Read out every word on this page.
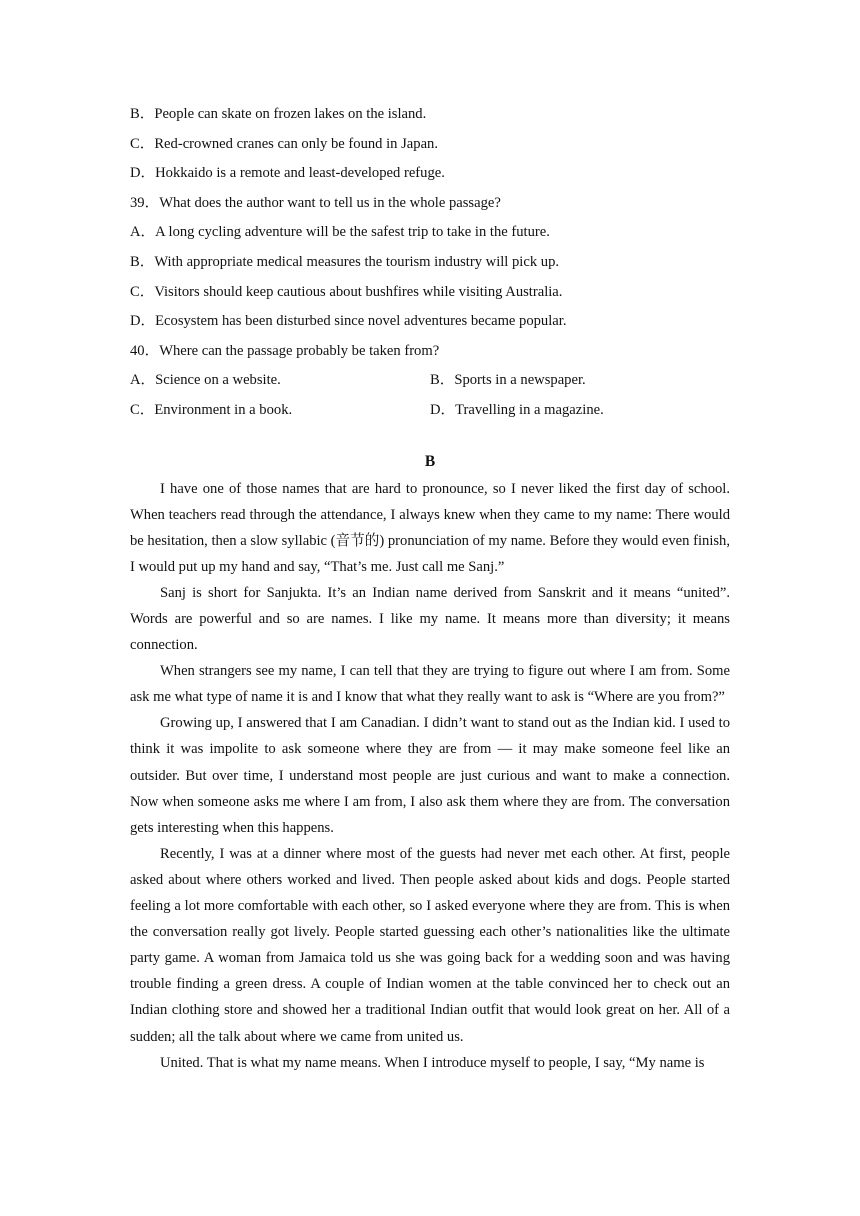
B．People can skate on frozen lakes on the island.
C．Red-crowned cranes can only be found in Japan.
D．Hokkaido is a remote and least-developed refuge.
39．What does the author want to tell us in the whole passage?
A．A long cycling adventure will be the safest trip to take in the future.
B．With appropriate medical measures the tourism industry will pick up.
C．Visitors should keep cautious about bushfires while visiting Australia.
D．Ecosystem has been disturbed since novel adventures became popular.
40．Where can the passage probably be taken from?
A．Science on a website.	B．Sports in a newspaper.
C．Environment in a book.	D．Travelling in a magazine.
B

I have one of those names that are hard to pronounce, so I never liked the first day of school. When teachers read through the attendance, I always knew when they came to my name: There would be hesitation, then a slow syllabic (音节的) pronunciation of my name. Before they would even finish, I would put up my hand and say, “That’s me. Just call me Sanj.”

Sanj is short for Sanjukta. It’s an Indian name derived from Sanskrit and it means “united”. Words are powerful and so are names. I like my name. It means more than diversity; it means connection.

When strangers see my name, I can tell that they are trying to figure out where I am from. Some ask me what type of name it is and I know that what they really want to ask is “Where are you from?”

Growing up, I answered that I am Canadian. I didn’t want to stand out as the Indian kid. I used to think it was impolite to ask someone where they are from — it may make someone feel like an outsider. But over time, I understand most people are just curious and want to make a connection. Now when someone asks me where I am from, I also ask them where they are from. The conversation gets interesting when this happens.

Recently, I was at a dinner where most of the guests had never met each other. At first, people asked about where others worked and lived. Then people asked about kids and dogs. People started feeling a lot more comfortable with each other, so I asked everyone where they are from. This is when the conversation really got lively. People started guessing each other’s nationalities like the ultimate party game. A woman from Jamaica told us she was going back for a wedding soon and was having trouble finding a green dress. A couple of Indian women at the table convinced her to check out an Indian clothing store and showed her a traditional Indian outfit that would look great on her. All of a sudden; all the talk about where we came from united us.

United. That is what my name means. When I introduce myself to people, I say, “My name is
